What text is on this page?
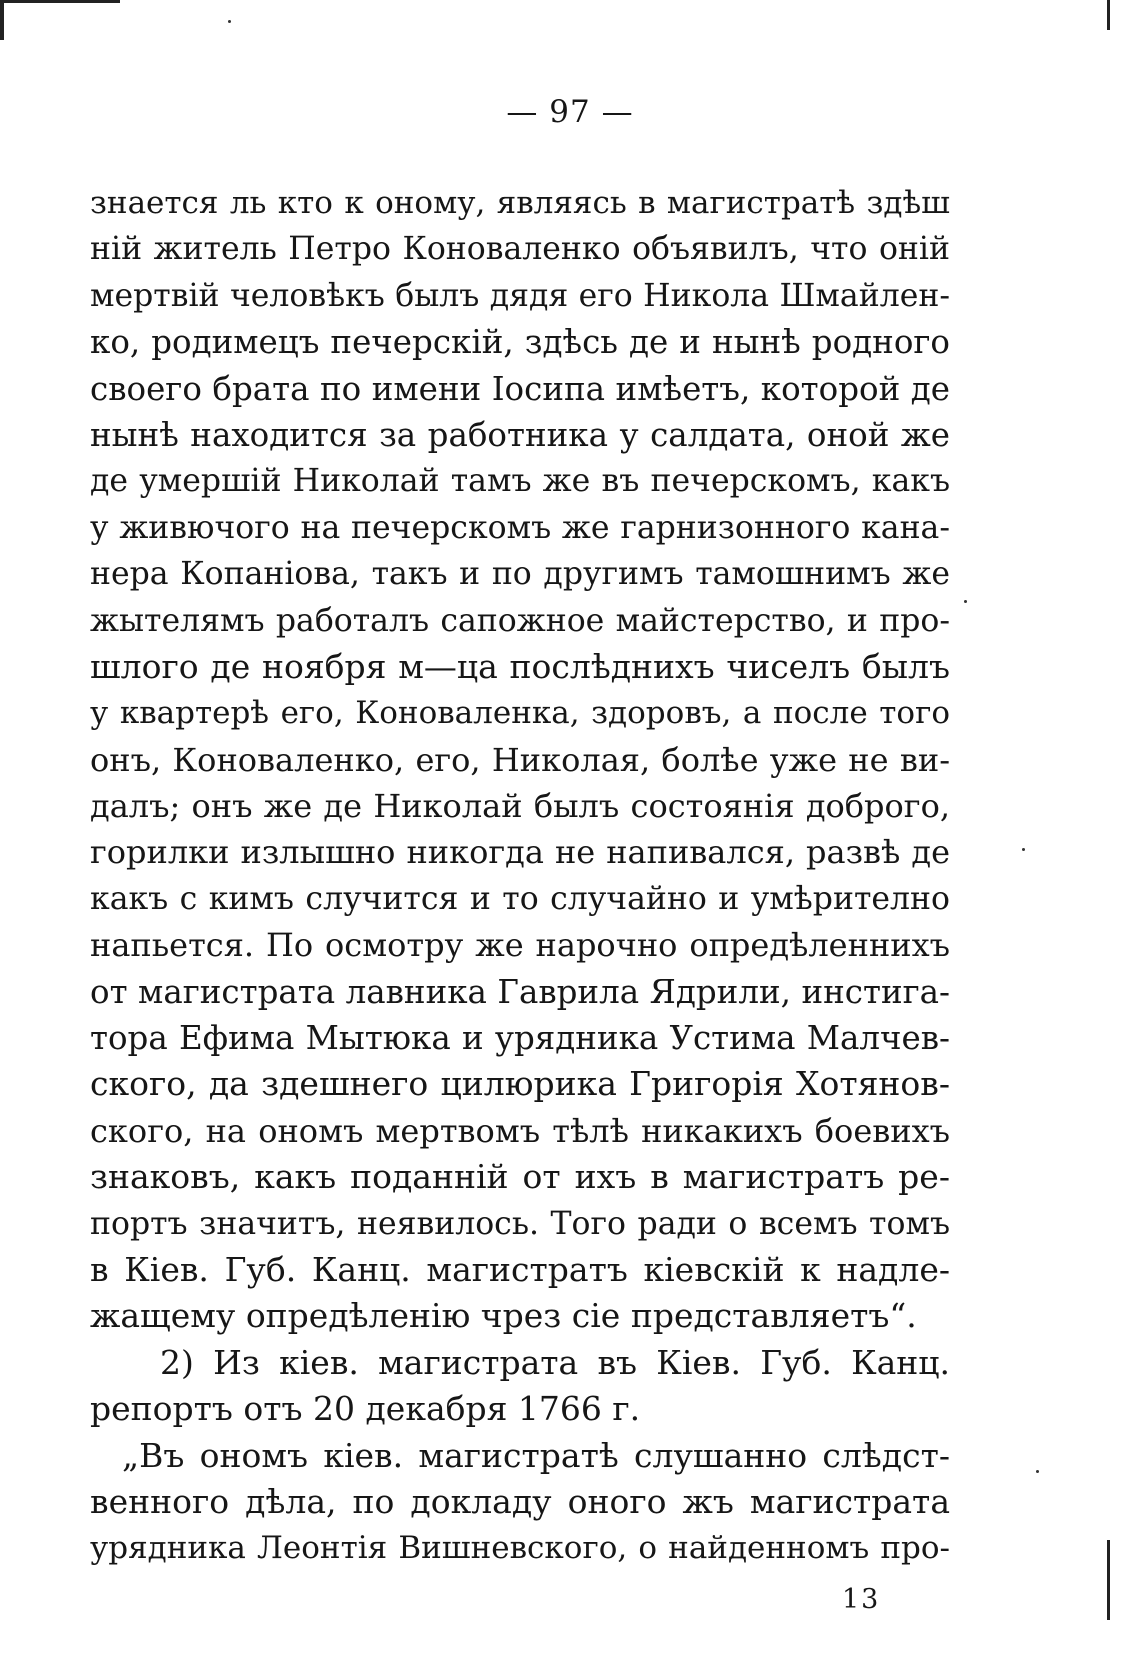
— 97 —
знается ль кто к оному, являясь в магистратѣ здѣш
ній житель Петро Коноваленко объявилъ, что оній
мертвій человѣкъ былъ дядя его Никола Шмайлен-
ко, родимецъ печерскій, здѣсь де и нынѣ родного
своего брата по имени Іосипа имѣетъ, которой де
нынѣ находится за работника у салдата, оной же
де умершій Николай тамъ же въ печерскомъ, какъ
у живючого на печерскомъ же гарнизонного кана-
нера Копаніова, такъ и по другимъ тамошнимъ же
жытелямъ работалъ сапожное майстерство, и про-
шлого де ноября м—ца послѣднихъ чиселъ былъ
у квартерѣ его, Коноваленка, здоровъ, а после того
онъ, Коноваленко, его, Николая, болѣе уже не ви-
далъ; онъ же де Николай былъ состоянія доброго,
горилки излышно никогда не напивался, развѣ де
какъ с кимъ случится и то случайно и умѣрително
напьется. По осмотру же нарочно опредѣленнихъ
от магистрата лавника Гаврила Ядрили, инстига-
тора Ефима Мытюка и урядника Устима Малчев-
ского, да здешнего цилюрика Григорія Хотянов-
ского, на ономъ мертвомъ тѣлѣ никакихъ боевихъ
знаковъ, какъ поданній от ихъ в магистратъ ре-
портъ значитъ, неявилось. Того ради о всемъ томъ
в Кіев. Губ. Канц. магистратъ кіевскій к надле-
жащему опредѣленію чрез сіе представляетъ“.
2) Из кіев. магистрата въ Кіев. Губ. Канц.
репортъ отъ 20 декабря 1766 г.
„Въ ономъ кіев. магистратѣ слушанно слѣдст-
венного дѣла, по докладу оного жъ магистрата
урядника Леонтія Вишневского, о найденномъ про-
13
